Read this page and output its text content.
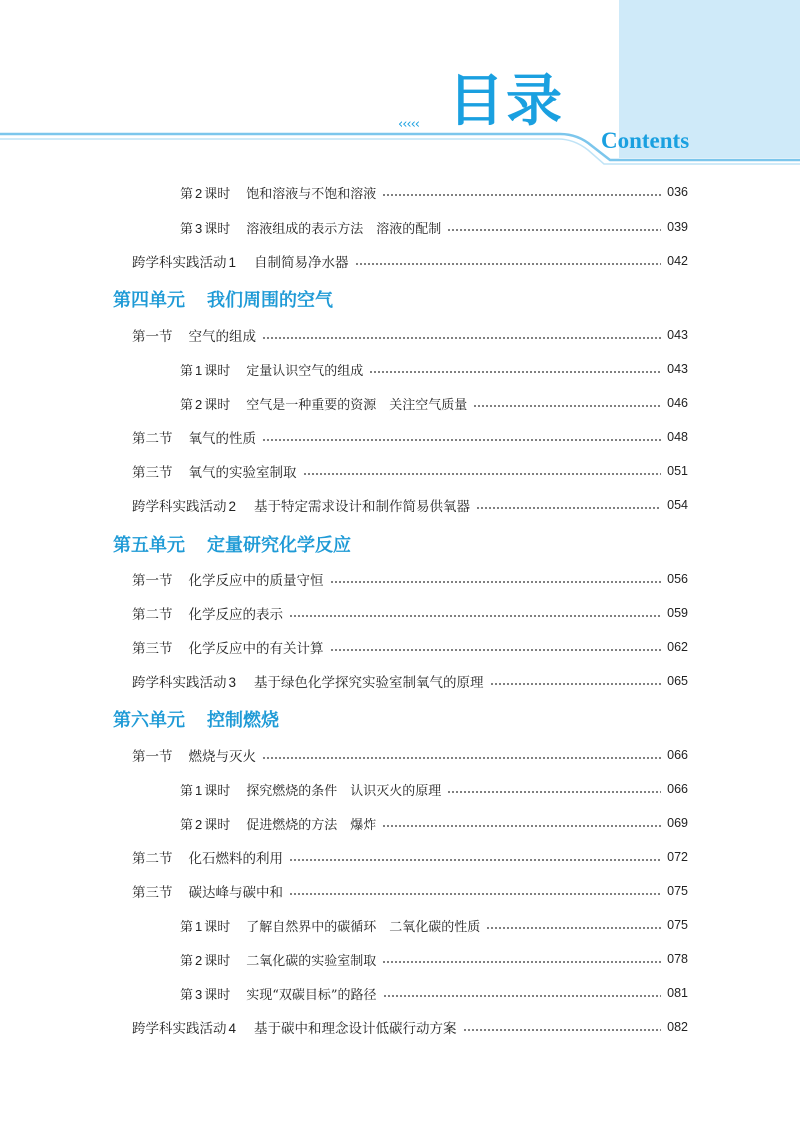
‹‹‹‹‹ 目录
Contents
第 2 课时 饱和溶液与不饱和溶液	036
第 3 课时 溶液组成的表示方法　溶液的配制	039
跨学科实践活动 1 自制简易净水器	042
第四单元 我们周围的空气
第一节 空气的组成	043
第 1 课时 定量认识空气的组成	043
第 2 课时 空气是一种重要的资源　关注空气质量	046
第二节 氧气的性质	048
第三节 氧气的实验室制取	051
跨学科实践活动 2 基于特定需求设计和制作简易供氧器	054
第五单元 定量研究化学反应
第一节 化学反应中的质量守恒	056
第二节 化学反应的表示	059
第三节 化学反应中的有关计算	062
跨学科实践活动 3 基于绿色化学探究实验室制氧气的原理	065
第六单元 控制燃烧
第一节 燃烧与灭火	066
第 1 课时 探究燃烧的条件　认识灭火的原理	066
第 2 课时 促进燃烧的方法　爆炸	069
第二节 化石燃料的利用	072
第三节 碳达峰与碳中和	075
第 1 课时 了解自然界中的碳循环　二氧化碳的性质	075
第 2 课时 二氧化碳的实验室制取	078
第 3 课时 实现“双碳目标”的路径	081
跨学科实践活动 4 基于碳中和理念设计低碳行动方案	082
